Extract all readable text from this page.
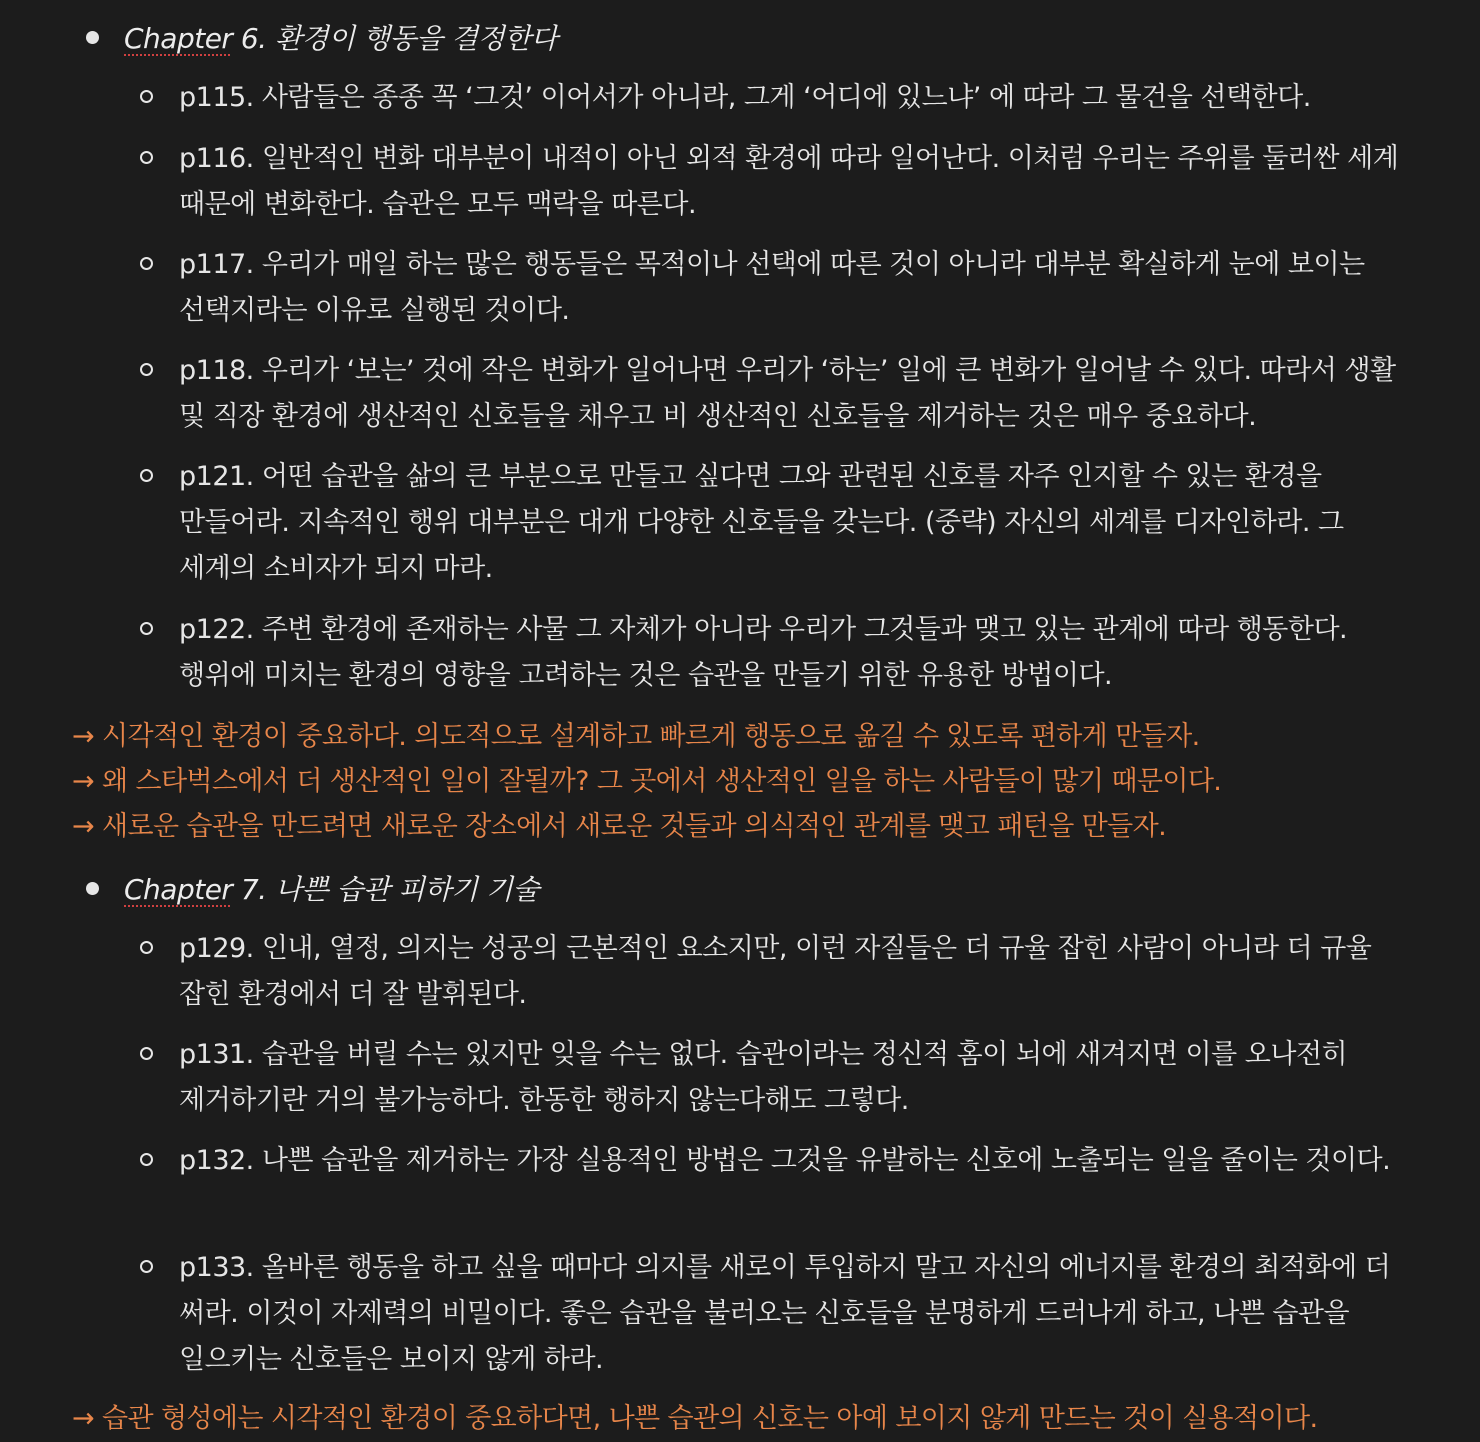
Chapter 6. 환경이 행동을 결정한다
p115. 사람들은 종종 꼭 ‘그것’ 이어서가 아니라, 그게 ‘어디에 있느냐’ 에 따라 그 물건을 선택한다.
p116. 일반적인 변화 대부분이 내적이 아닌 외적 환경에 따라 일어난다. 이처럼 우리는 주위를 둘러싼 세계 때문에 변화한다. 습관은 모두 맥락을 따른다.
p117. 우리가 매일 하는 많은 행동들은 목적이나 선택에 따른 것이 아니라 대부분 확실하게 눈에 보이는 선택지라는 이유로 실행된 것이다.
p118. 우리가 ‘보는’ 것에 작은 변화가 일어나면 우리가 ‘하는’ 일에 큰 변화가 일어날 수 있다. 따라서 생활 및 직장 환경에 생산적인 신호들을 채우고 비 생산적인 신호들을 제거하는 것은 매우 중요하다.
p121. 어떤 습관을 삶의 큰 부분으로 만들고 싶다면 그와 관련된 신호를 자주 인지할 수 있는 환경을 만들어라. 지속적인 행위 대부분은 대개 다양한 신호들을 갖는다. (중략) 자신의 세계를 디자인하라. 그 세계의 소비자가 되지 마라.
p122. 주변 환경에 존재하는 사물 그 자체가 아니라 우리가 그것들과 맺고 있는 관계에 따라 행동한다. 행위에 미치는 환경의 영향을 고려하는 것은 습관을 만들기 위한 유용한 방법이다.
→ 시각적인 환경이 중요하다. 의도적으로 설계하고 빠르게 행동으로 옮길 수 있도록 편하게 만들자.
→ 왜 스타벅스에서 더 생산적인 일이 잘될까? 그 곳에서 생산적인 일을 하는 사람들이 많기 때문이다.
→ 새로운 습관을 만드려면 새로운 장소에서 새로운 것들과 의식적인 관계를 맺고 패턴을 만들자.
Chapter 7. 나쁜 습관 피하기 기술
p129. 인내, 열정, 의지는 성공의 근본적인 요소지만, 이런 자질들은 더 규율 잡힌 사람이 아니라 더 규율 잡힌 환경에서 더 잘 발휘된다.
p131. 습관을 버릴 수는 있지만 잊을 수는 없다. 습관이라는 정신적 홈이 뇌에 새겨지면 이를 오나전히 제거하기란 거의 불가능하다. 한동한 행하지 않는다해도 그렇다.
p132. 나쁜 습관을 제거하는 가장 실용적인 방법은 그것을 유발하는 신호에 노출되는 일을 줄이는 것이다.
p133. 올바른 행동을 하고 싶을 때마다 의지를 새로이 투입하지 말고 자신의 에너지를 환경의 최적화에 더 써라. 이것이 자제력의 비밀이다. 좋은 습관을 불러오는 신호들을 분명하게 드러나게 하고, 나쁜 습관을 일으키는 신호들은 보이지 않게 하라.
→ 습관 형성에는 시각적인 환경이 중요하다면, 나쁜 습관의 신호는 아예 보이지 않게 만드는 것이 실용적이다.
